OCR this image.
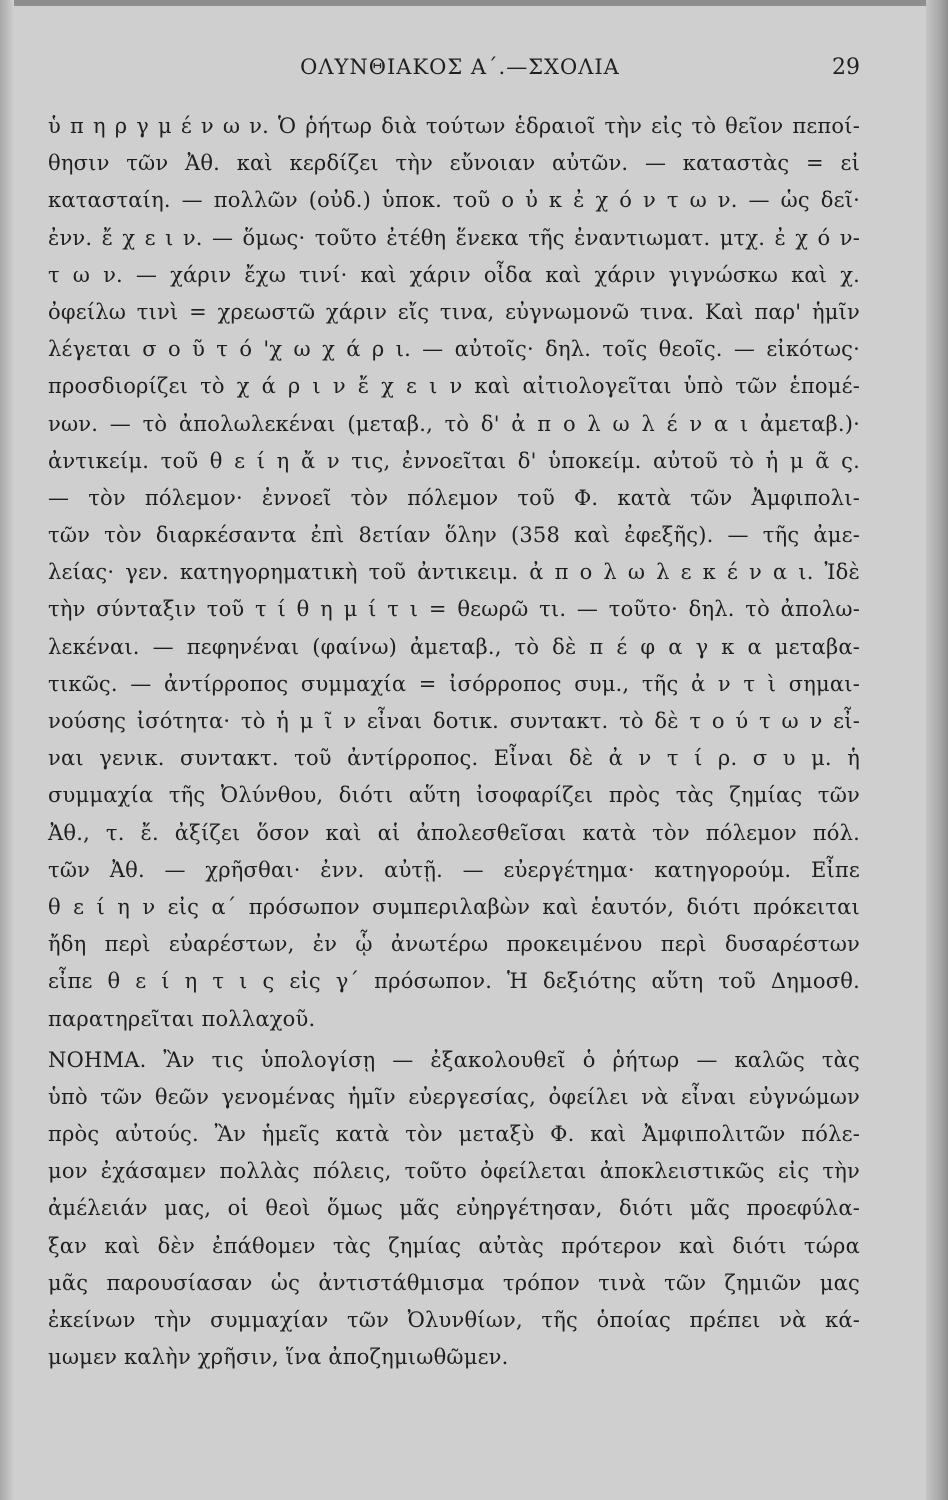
ΟΛΥΝΘΙΑΚΟΣ Α΄.—ΣΧΟΛΙΑ	29
ὑ π η ρ γ μ έ ν ω ν. Ὁ ῥήτωρ διὰ τούτων ἑδραιοῖ τὴν εἰς τὸ θεῖον πεποί-
θησιν τῶν Ἀθ. καὶ κερδίζει τὴν εὔνοιαν αὐτῶν. — καταστὰς = εἰ
κατασταίη. — πολλῶν (οὐδ.) ὑποκ. τοῦ ο ὐ κ ἐ χ ό ν τ ω ν. — ὡς δεῖ·
ἐνν. ἔ χ ε ι ν. — ὅμως· τοῦτο ἐτέθη ἕνεκα τῆς ἐναντιωματ. μτχ. ἐ χ ό ν-
τ ω ν. — χάριν ἔχω τινί· καὶ χάριν οἶδα καὶ χάριν γιγνώσκω καὶ χ.
ὀφείλω τινὶ = χρεωστῶ χάριν εἴς τινα, εὐγνωμονῶ τινα. Καὶ παρ' ἡμῖν
λέγεται σ ο ῦ τ ό 'χ ω χ ά ρ ι. — αὐτοῖς· δηλ. τοῖς θεοῖς. — εἰκότως·
προσδιορίζει τὸ χ ά ρ ι ν ἔ χ ε ι ν καὶ αἰτιολογεῖται ὑπὸ τῶν ἑπομέ-
νων. — τὸ ἀπολωλεκέναι (μεταβ., τὸ δ' ἀ π ο λ ω λ έ ν α ι ἀμεταβ.)·
ἀντικείμ. τοῦ θ ε ί η ἄ ν τις, ἐννοεῖται δ' ὑποκείμ. αὐτοῦ τὸ ἡ μ ᾶ ς.
— τὸν πόλεμον· ἐννοεῖ τὸν πόλεμον τοῦ Φ. κατὰ τῶν Ἀμφιπολι-
τῶν τὸν διαρκέσαντα ἐπὶ 8ετίαν ὅλην (358 καὶ ἐφεξῆς). — τῆς ἀμε-
λείας· γεν. κατηγορηματικὴ τοῦ ἀντικειμ. ἀ π ο λ ω λ ε κ έ ν α ι. Ἰδὲ
τὴν σύνταξιν τοῦ τ ί θ η μ ί τ ι = θεωρῶ τι. — τοῦτο· δηλ. τὸ ἀπολω-
λεκέναι. — πεφηνέναι (φαίνω) ἀμεταβ., τὸ δὲ π έ φ α γ κ α μεταβα-
τικῶς. — ἀντίρροπος συμμαχία = ἰσόρροπος συμ., τῆς ἀ ν τ ὶ σημαι-
νούσης ἰσότητα· τὸ ἡ μ ῖ ν εἶναι δοτικ. συντακτ. τὸ δὲ τ ο ύ τ ω ν εἶ-
ναι γενικ. συντακτ. τοῦ ἀντίρροπος. Εἶναι δὲ ἀ ν τ ί ρ. σ υ μ. ἡ
συμμαχία τῆς Ὀλύνθου, διότι αὕτη ἰσοφαρίζει πρὸς τὰς ζημίας τῶν
Ἀθ., τ. ἔ. ἀξίζει ὅσον καὶ αἱ ἀπολεσθεῖσαι κατὰ τὸν πόλεμον πόλ.
τῶν Ἀθ. — χρῆσθαι· ἐνν. αὐτῇ. — εὐεργέτημα· κατηγορούμ. Εἶπε
θ ε ί η ν εἰς α΄ πρόσωπον συμπεριλαβὼν καὶ ἑαυτόν, διότι πρόκειται
ἤδη περὶ εὐαρέστων, ἐν ᾧ ἀνωτέρω προκειμένου περὶ δυσαρέστων
εἶπε θ ε ί η τ ι ς εἰς γ΄ πρόσωπον. Ἡ δεξιότης αὕτη τοῦ Δημοσθ.
παρατηρεῖται πολλαχοῦ.
ΝΟΗΜΑ. Ἂν τις ὑπολογίσῃ — ἐξακολουθεῖ ὁ ῥήτωρ — καλῶς τὰς
ὑπὸ τῶν θεῶν γενομένας ἡμῖν εὐεργεσίας, ὀφείλει νὰ εἶναι εὐγνώμων
πρὸς αὐτούς. Ἂν ἡμεῖς κατὰ τὸν μεταξὺ Φ. καὶ Ἀμφιπολιτῶν πόλε-
μον ἐχάσαμεν πολλὰς πόλεις, τοῦτο ὀφείλεται ἀποκλειστικῶς εἰς τὴν
ἀμέλειάν μας, οἱ θεοὶ ὅμως μᾶς εὐηργέτησαν, διότι μᾶς προεφύλα-
ξαν καὶ δὲν ἐπάθομεν τὰς ζημίας αὐτὰς πρότερον καὶ διότι τώρα
μᾶς παρουσίασαν ὡς ἀντιστάθμισμα τρόπον τινὰ τῶν ζημιῶν μας
ἐκείνων τὴν συμμαχίαν τῶν Ὀλυνθίων, τῆς ὁποίας πρέπει νὰ κά-
μωμεν καλὴν χρῆσιν, ἵνα ἀποζημιωθῶμεν.
